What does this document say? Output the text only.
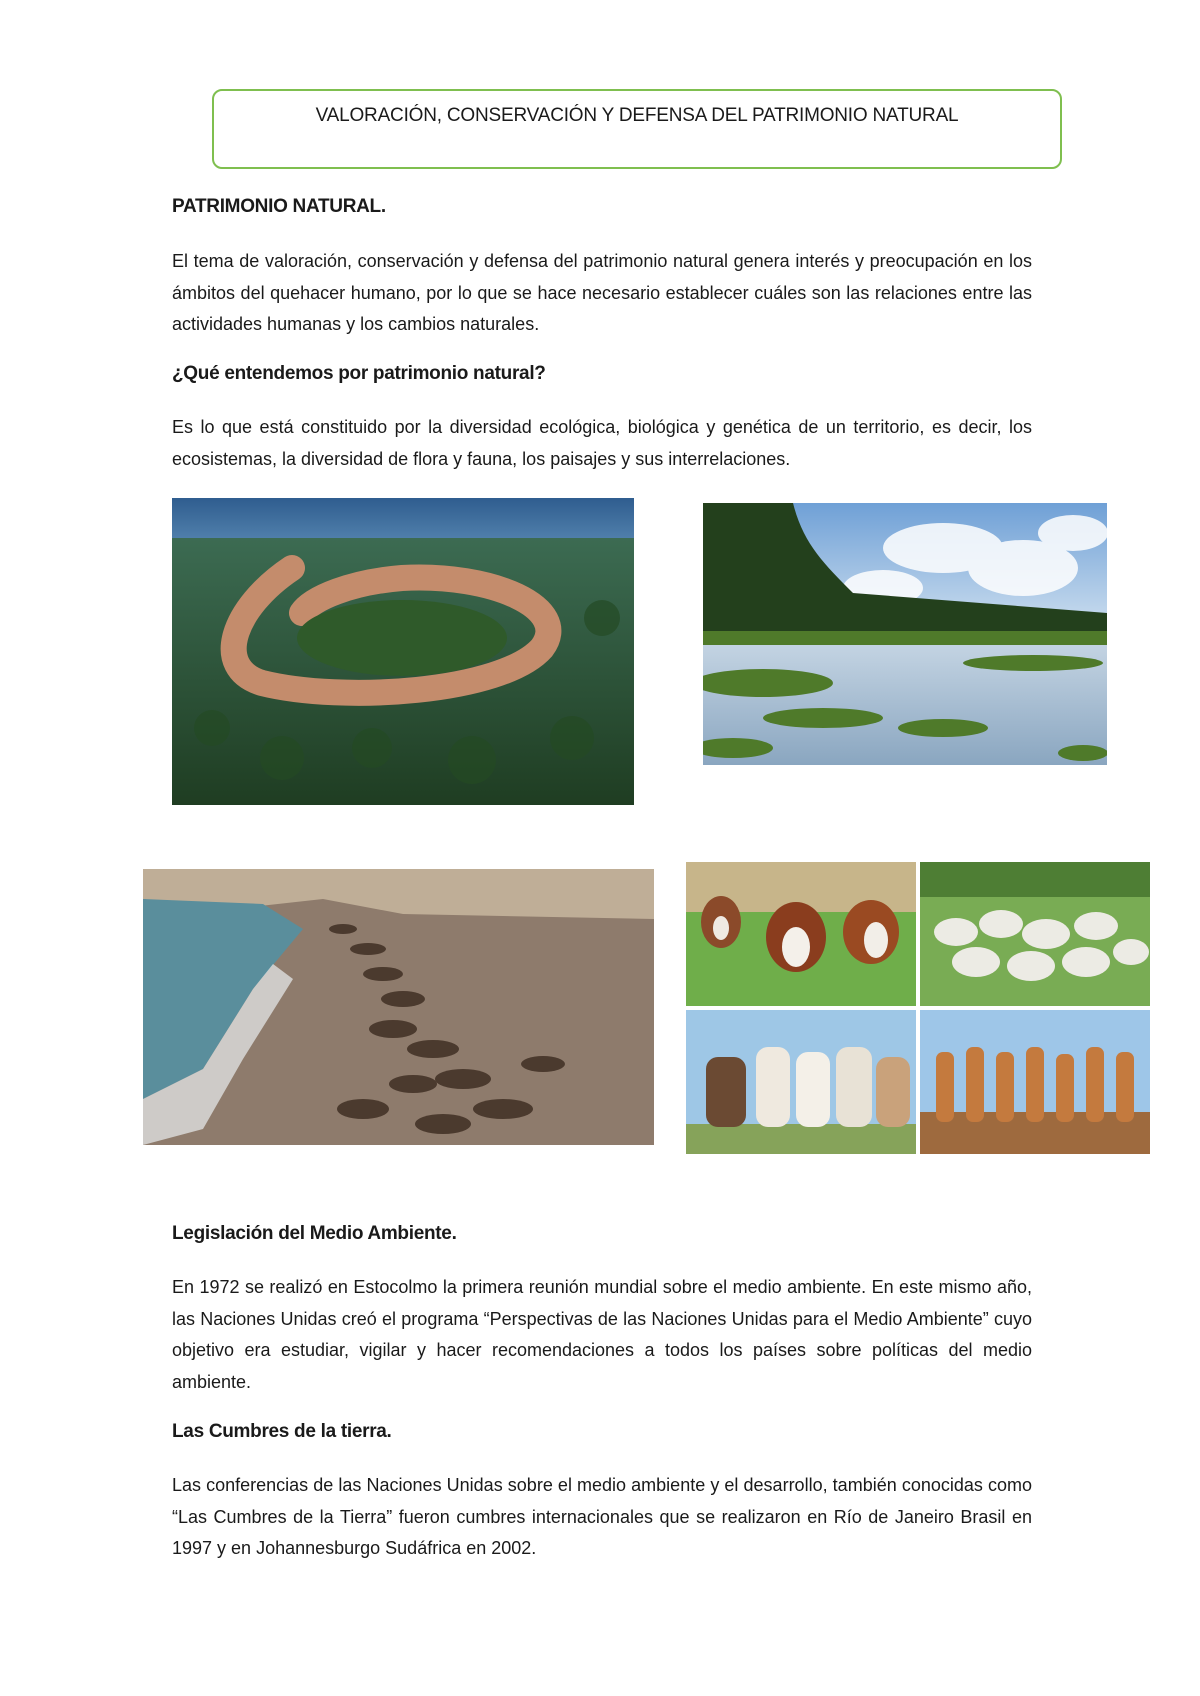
VALORACIÓN, CONSERVACIÓN Y DEFENSA DEL PATRIMONIO NATURAL
PATRIMONIO NATURAL.

El tema de valoración, conservación y defensa del patrimonio natural genera interés y preocupación en los ámbitos del quehacer humano, por lo que se hace necesario establecer cuáles son las relaciones entre las actividades humanas y los cambios naturales.

¿Qué entendemos por patrimonio natural?

Es lo que está constituido por la diversidad ecológica, biológica y genética de un territorio, es decir, los ecosistemas, la diversidad de flora y fauna, los paisajes y sus interrelaciones.

Legislación del Medio Ambiente.

En 1972 se realizó en Estocolmo la primera reunión mundial sobre el medio ambiente. En este mismo año, las Naciones Unidas creó el programa “Perspectivas de las Naciones Unidas para el Medio Ambiente” cuyo objetivo era estudiar, vigilar y hacer recomendaciones a todos los países sobre políticas del medio ambiente.

Las Cumbres de la tierra.

Las conferencias de las Naciones Unidas sobre el medio ambiente y el desarrollo, también conocidas como “Las Cumbres de la Tierra” fueron cumbres internacionales que se realizaron en Río de Janeiro Brasil en 1997 y en Johannesburgo Sudáfrica en 2002.
